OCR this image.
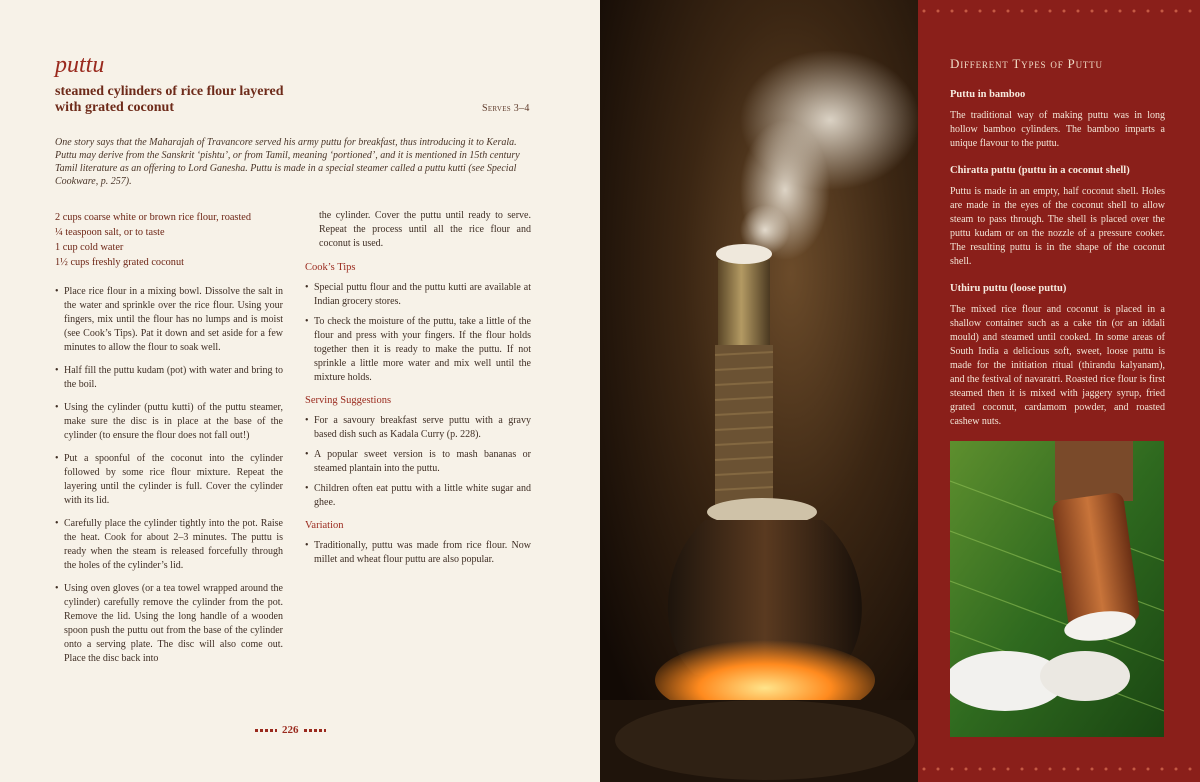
puttu
steamed cylinders of rice flour layered with grated coconut	Serves 3–4

One story says that the Maharajah of Travancore served his army puttu for breakfast, thus introducing it to Kerala. Puttu may derive from the Sanskrit ‘pishtu’, or from Tamil, meaning ‘portioned’, and it is mentioned in 15th century Tamil literature as an offering to Lord Ganesha. Puttu is made in a special steamer called a puttu kutti (see Special Cookware, p. 257).

2 cups coarse white or brown rice flour, roasted
¼ teaspoon salt, or to taste
1 cup cold water
1½ cups freshly grated coconut
• Place rice flour in a mixing bowl. Dissolve the salt in the water and sprinkle over the rice flour. Using your fingers, mix until the flour has no lumps and is moist (see Cook’s Tips). Pat it down and set aside for a few minutes to allow the flour to soak well.
• Half fill the puttu kudam (pot) with water and bring to the boil.
• Using the cylinder (puttu kutti) of the puttu steamer, make sure the disc is in place at the base of the cylinder (to ensure the flour does not fall out!)
• Put a spoonful of the coconut into the cylinder followed by some rice flour mixture. Repeat the layering until the cylinder is full. Cover the cylinder with its lid.
• Carefully place the cylinder tightly into the pot. Raise the heat. Cook for about 2–3 minutes. The puttu is ready when the steam is released forcefully through the holes of the cylinder’s lid.
• Using oven gloves (or a tea towel wrapped around the cylinder) carefully remove the cylinder from the pot. Remove the lid. Using the long handle of a wooden spoon push the puttu out from the base of the cylinder onto a serving plate. The disc will also come out. Place the disc back into

the cylinder. Cover the puttu until ready to serve. Repeat the process until all the rice flour and coconut is used.

Cook’s Tips
• Special puttu flour and the puttu kutti are available at Indian grocery stores.
• To check the moisture of the puttu, take a little of the flour and press with your fingers. If the flour holds together then it is ready to make the puttu. If not sprinkle a little more water and mix well until the mixture holds.
Serving Suggestions
• For a savoury breakfast serve puttu with a gravy based dish such as Kadala Curry (p. 228).
• A popular sweet version is to mash bananas or steamed plantain into the puttu.
• Children often eat puttu with a little white sugar and ghee.
Variation
• Traditionally, puttu was made from rice flour. Now millet and wheat flour puttu are also popular.
226
Different Types of Puttu
Puttu in bamboo

The traditional way of making puttu was in long hollow bamboo cylinders. The bamboo imparts a unique flavour to the puttu.

Chiratta puttu (puttu in a coconut shell)

Puttu is made in an empty, half coconut shell. Holes are made in the eyes of the coconut shell to allow steam to pass through. The shell is placed over the puttu kudam or on the nozzle of a pressure cooker. The resulting puttu is in the shape of the coconut shell.

Uthiru puttu (loose puttu)

The mixed rice flour and coconut is placed in a shallow container such as a cake tin (or an iddali mould) and steamed until cooked. In some areas of South India a delicious soft, sweet, loose puttu is made for the initiation ritual (thirandu kalyanam), and the festival of navaratri. Roasted rice flour is first steamed then it is mixed with jaggery syrup, fried grated coconut, cardamom powder, and roasted cashew nuts.
